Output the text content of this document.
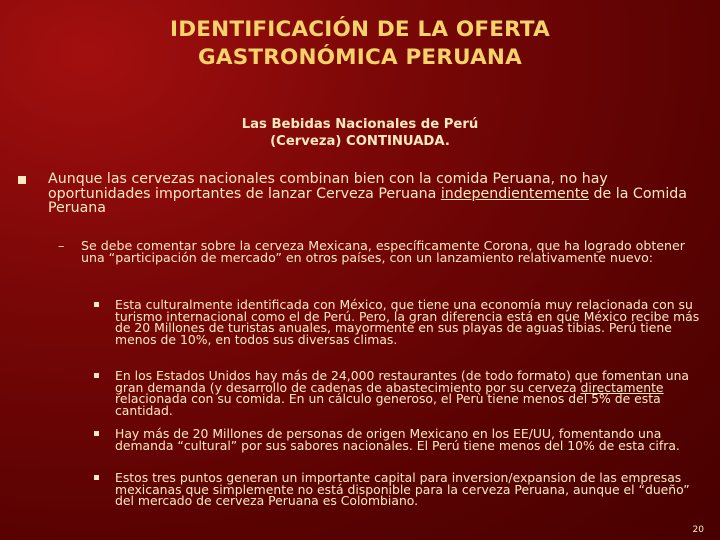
IDENTIFICACIÓN DE LA OFERTA
GASTRONÓMICA PERUANA
Las Bebidas Nacionales de Perú
(Cerveza) CONTINUADA.
Aunque las cervezas nacionales combinan bien con la comida Peruana, no hay oportunidades importantes de lanzar Cerveza Peruana independientemente de la Comida Peruana
– Se debe comentar sobre la cerveza Mexicana, específicamente Corona, que ha logrado obtener una “participación de mercado” en otros países, con un lanzamiento relativamente nuevo:
Esta culturalmente identificada con México, que tiene una economía muy relacionada con su turismo internacional como el de Perú. Pero, la gran diferencia está en que México recibe más de 20 Millones de turistas anuales, mayormente en sus playas de aguas tibias. Perú tiene menos de 10%, en todos sus diversas climas.
En los Estados Unidos hay más de 24,000 restaurantes (de todo formato) que fomentan una gran demanda (y desarrollo de cadenas de abastecimiento por su cerveza directamente relacionada con su comida. En un cálculo generoso, el Perù tiene menos del 5% de esta cantidad.
Hay más de 20 Millones de personas de origen Mexicano en los EE/UU, fomentando una demanda “cultural” por sus sabores nacionales. El Perú tiene menos del 10% de esta cifra.
Estos tres puntos generan un importante capital para inversion/expansion de las empresas mexicanas que simplemente no está disponible para la cerveza Peruana, aunque el “dueño” del mercado de cerveza Peruana es Colombiano.
20
